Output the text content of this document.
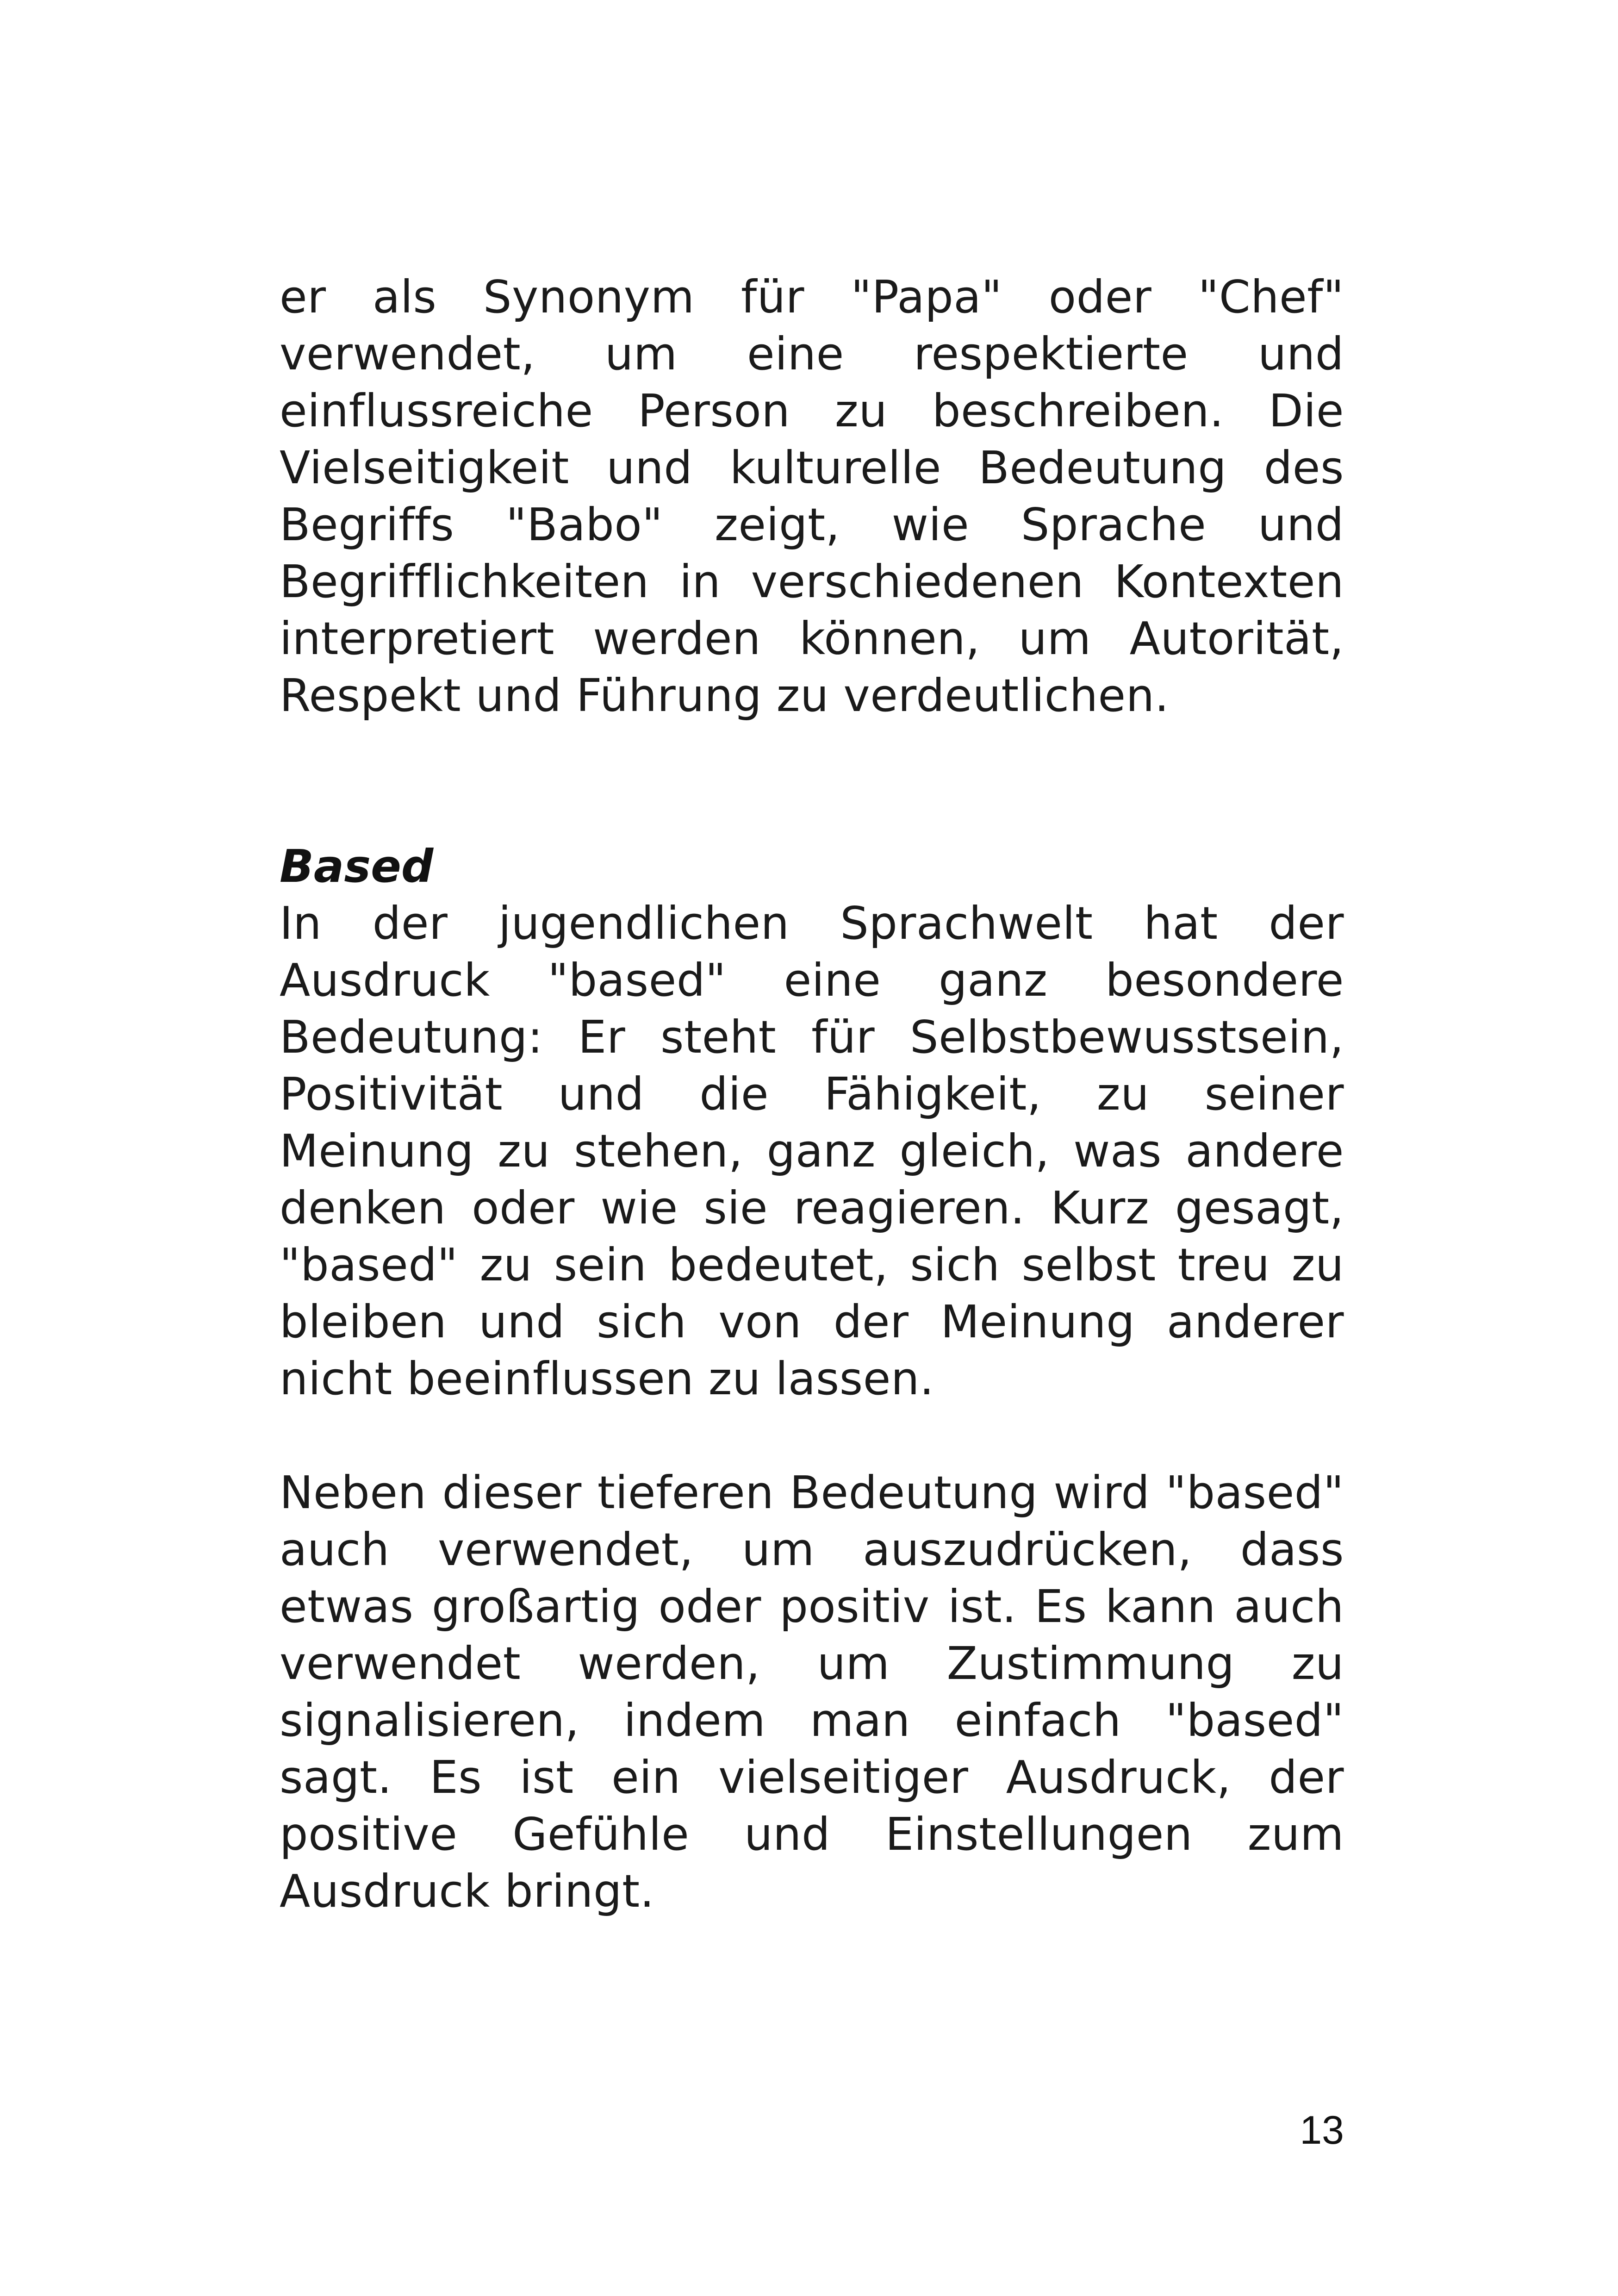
er als Synonym für "Papa" oder "Chef" verwendet, um eine respektierte und einflussreiche Person zu beschreiben. Die Vielseitigkeit und kulturelle Bedeutung des Begriffs "Babo" zeigt, wie Sprache und Begrifflichkeiten in verschiedenen Kontexten interpretiert werden können, um Autorität, Respekt und Führung zu verdeutlichen.

Based

In der jugendlichen Sprachwelt hat der Ausdruck "based" eine ganz besondere Bedeutung: Er steht für Selbstbewusstsein, Positivität und die Fähigkeit, zu seiner Meinung zu stehen, ganz gleich, was andere denken oder wie sie reagieren. Kurz gesagt, "based" zu sein bedeutet, sich selbst treu zu bleiben und sich von der Meinung anderer nicht beeinflussen zu lassen.

Neben dieser tieferen Bedeutung wird "based" auch verwendet, um auszudrücken, dass etwas großartig oder positiv ist. Es kann auch verwendet werden, um Zustimmung zu signalisieren, indem man einfach "based" sagt. Es ist ein vielseitiger Ausdruck, der positive Gefühle und Einstellungen zum Ausdruck bringt.

13
